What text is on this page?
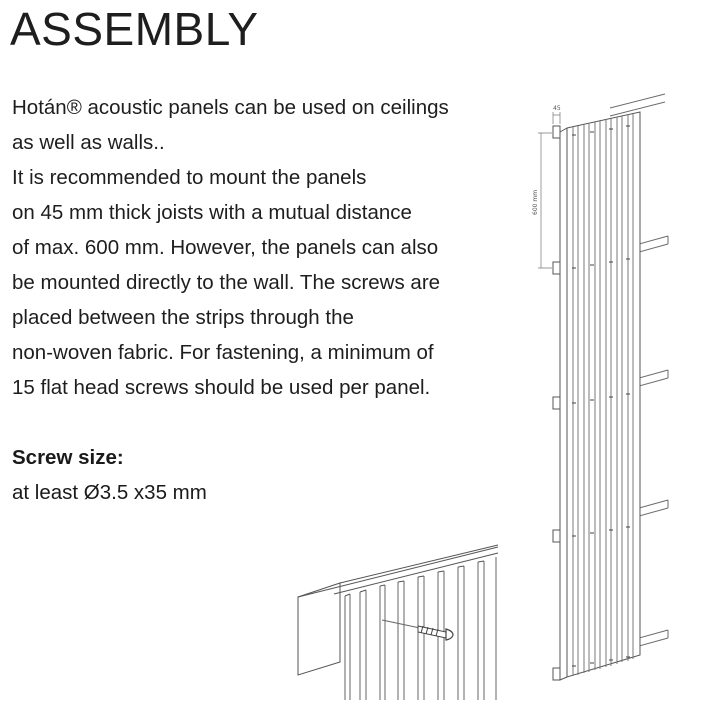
ASSEMBLY

Hotán® acoustic panels can be used on ceilings

as well as walls..

It is recommended to mount the panels

on 45 mm thick joists with a mutual distance

of max. 600 mm. However, the panels can also

be mounted directly to the wall. The screws are

placed between the strips through the

non-woven fabric. For fastening, a minimum of

15 flat head screws should be used per panel.

Screw size:

at least Ø3.5 x35 mm

45
600 mm
